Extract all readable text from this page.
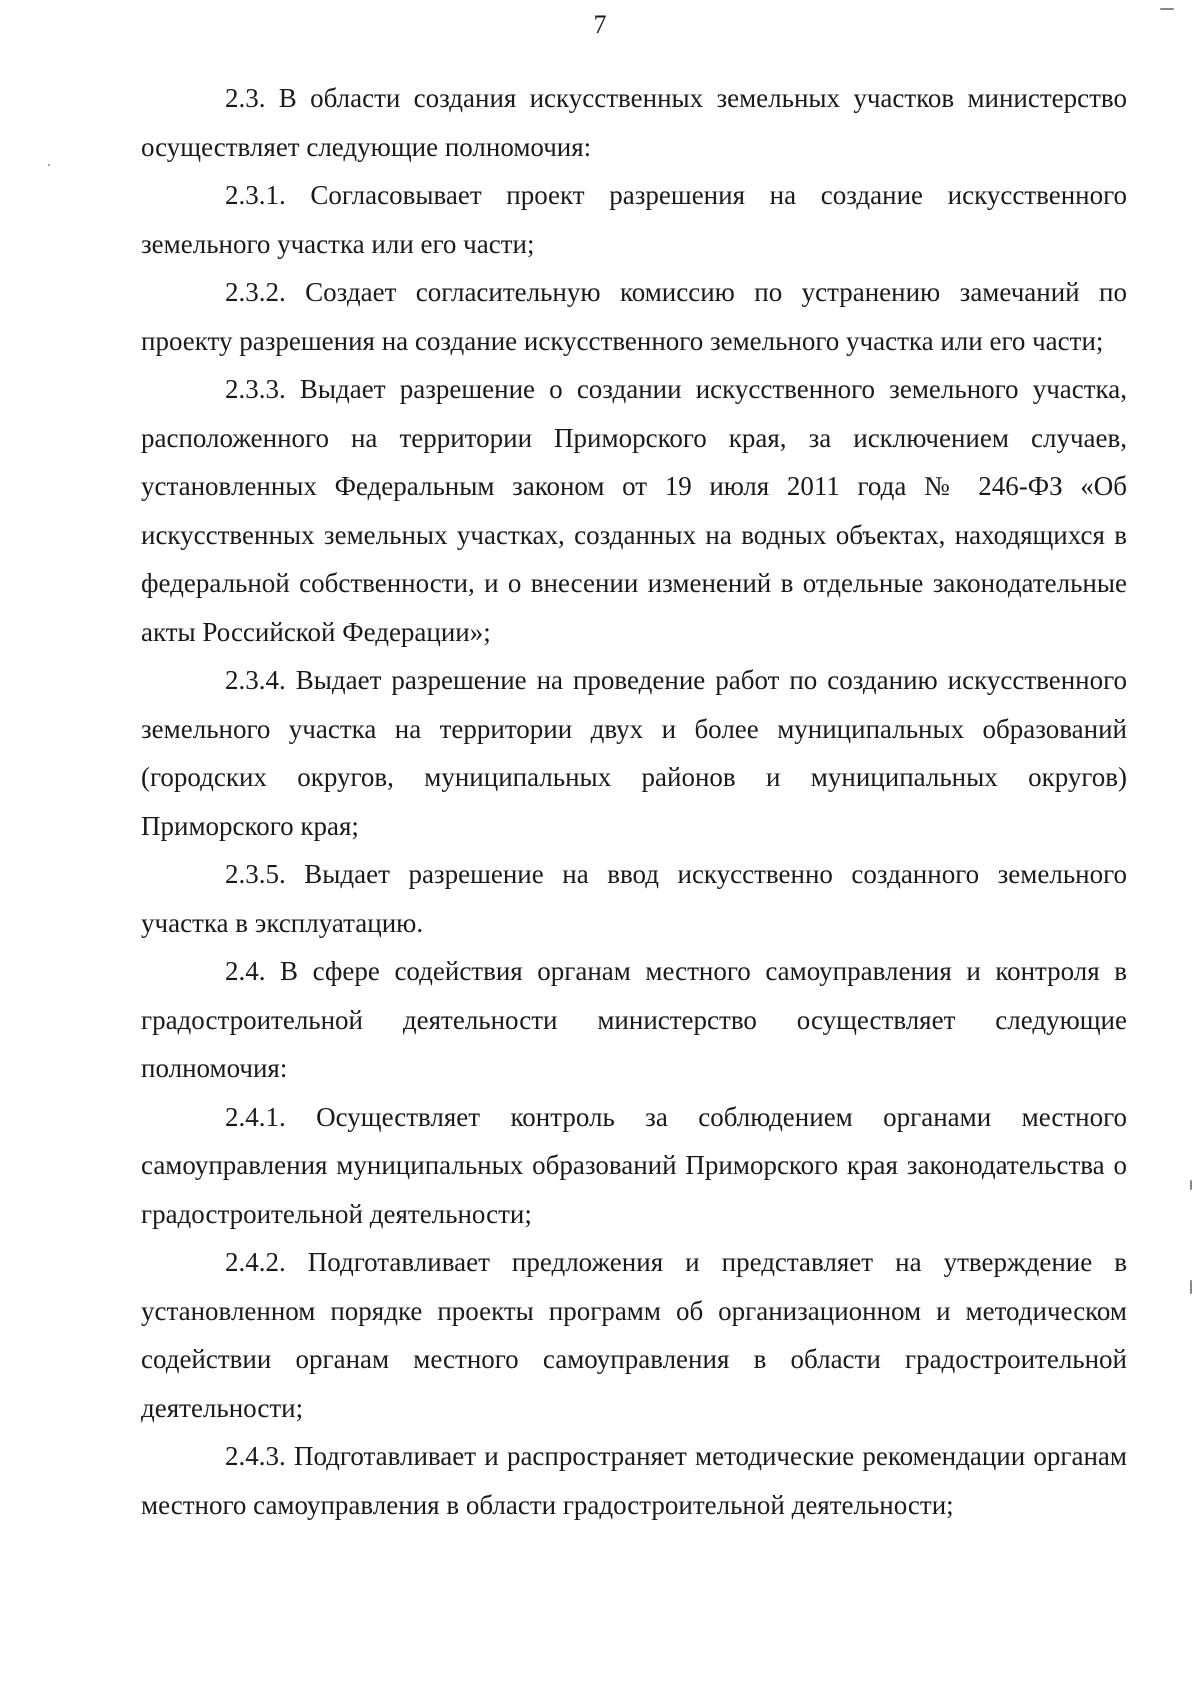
7

2.3. В области создания искусственных земельных участков министерство осуществляет следующие полномочия:

2.3.1. Согласовывает проект разрешения на создание искусственного земельного участка или его части;

2.3.2. Создает согласительную комиссию по устранению замечаний по проекту разрешения на создание искусственного земельного участка или его части;

2.3.3. Выдает разрешение о создании искусственного земельного участка, расположенного на территории Приморского края, за исключением случаев, установленных Федеральным законом от 19 июля 2011 года № 246-ФЗ «Об искусственных земельных участках, созданных на водных объектах, находящихся в федеральной собственности, и о внесении изменений в отдельные законодательные акты Российской Федерации»;

2.3.4. Выдает разрешение на проведение работ по созданию искусственного земельного участка на территории двух и более муниципальных образований (городских округов, муниципальных районов и муниципальных округов) Приморского края;

2.3.5. Выдает разрешение на ввод искусственно созданного земельного участка в эксплуатацию.

2.4. В сфере содействия органам местного самоуправления и контроля в градостроительной деятельности министерство осуществляет следующие полномочия:

2.4.1. Осуществляет контроль за соблюдением органами местного самоуправления муниципальных образований Приморского края законодательства о градостроительной деятельности;

2.4.2. Подготавливает предложения и представляет на утверждение в установленном порядке проекты программ об организационном и методическом содействии органам местного самоуправления в области градостроительной деятельности;

2.4.3. Подготавливает и распространяет методические рекомендации органам местного самоуправления в области градостроительной деятельности;
